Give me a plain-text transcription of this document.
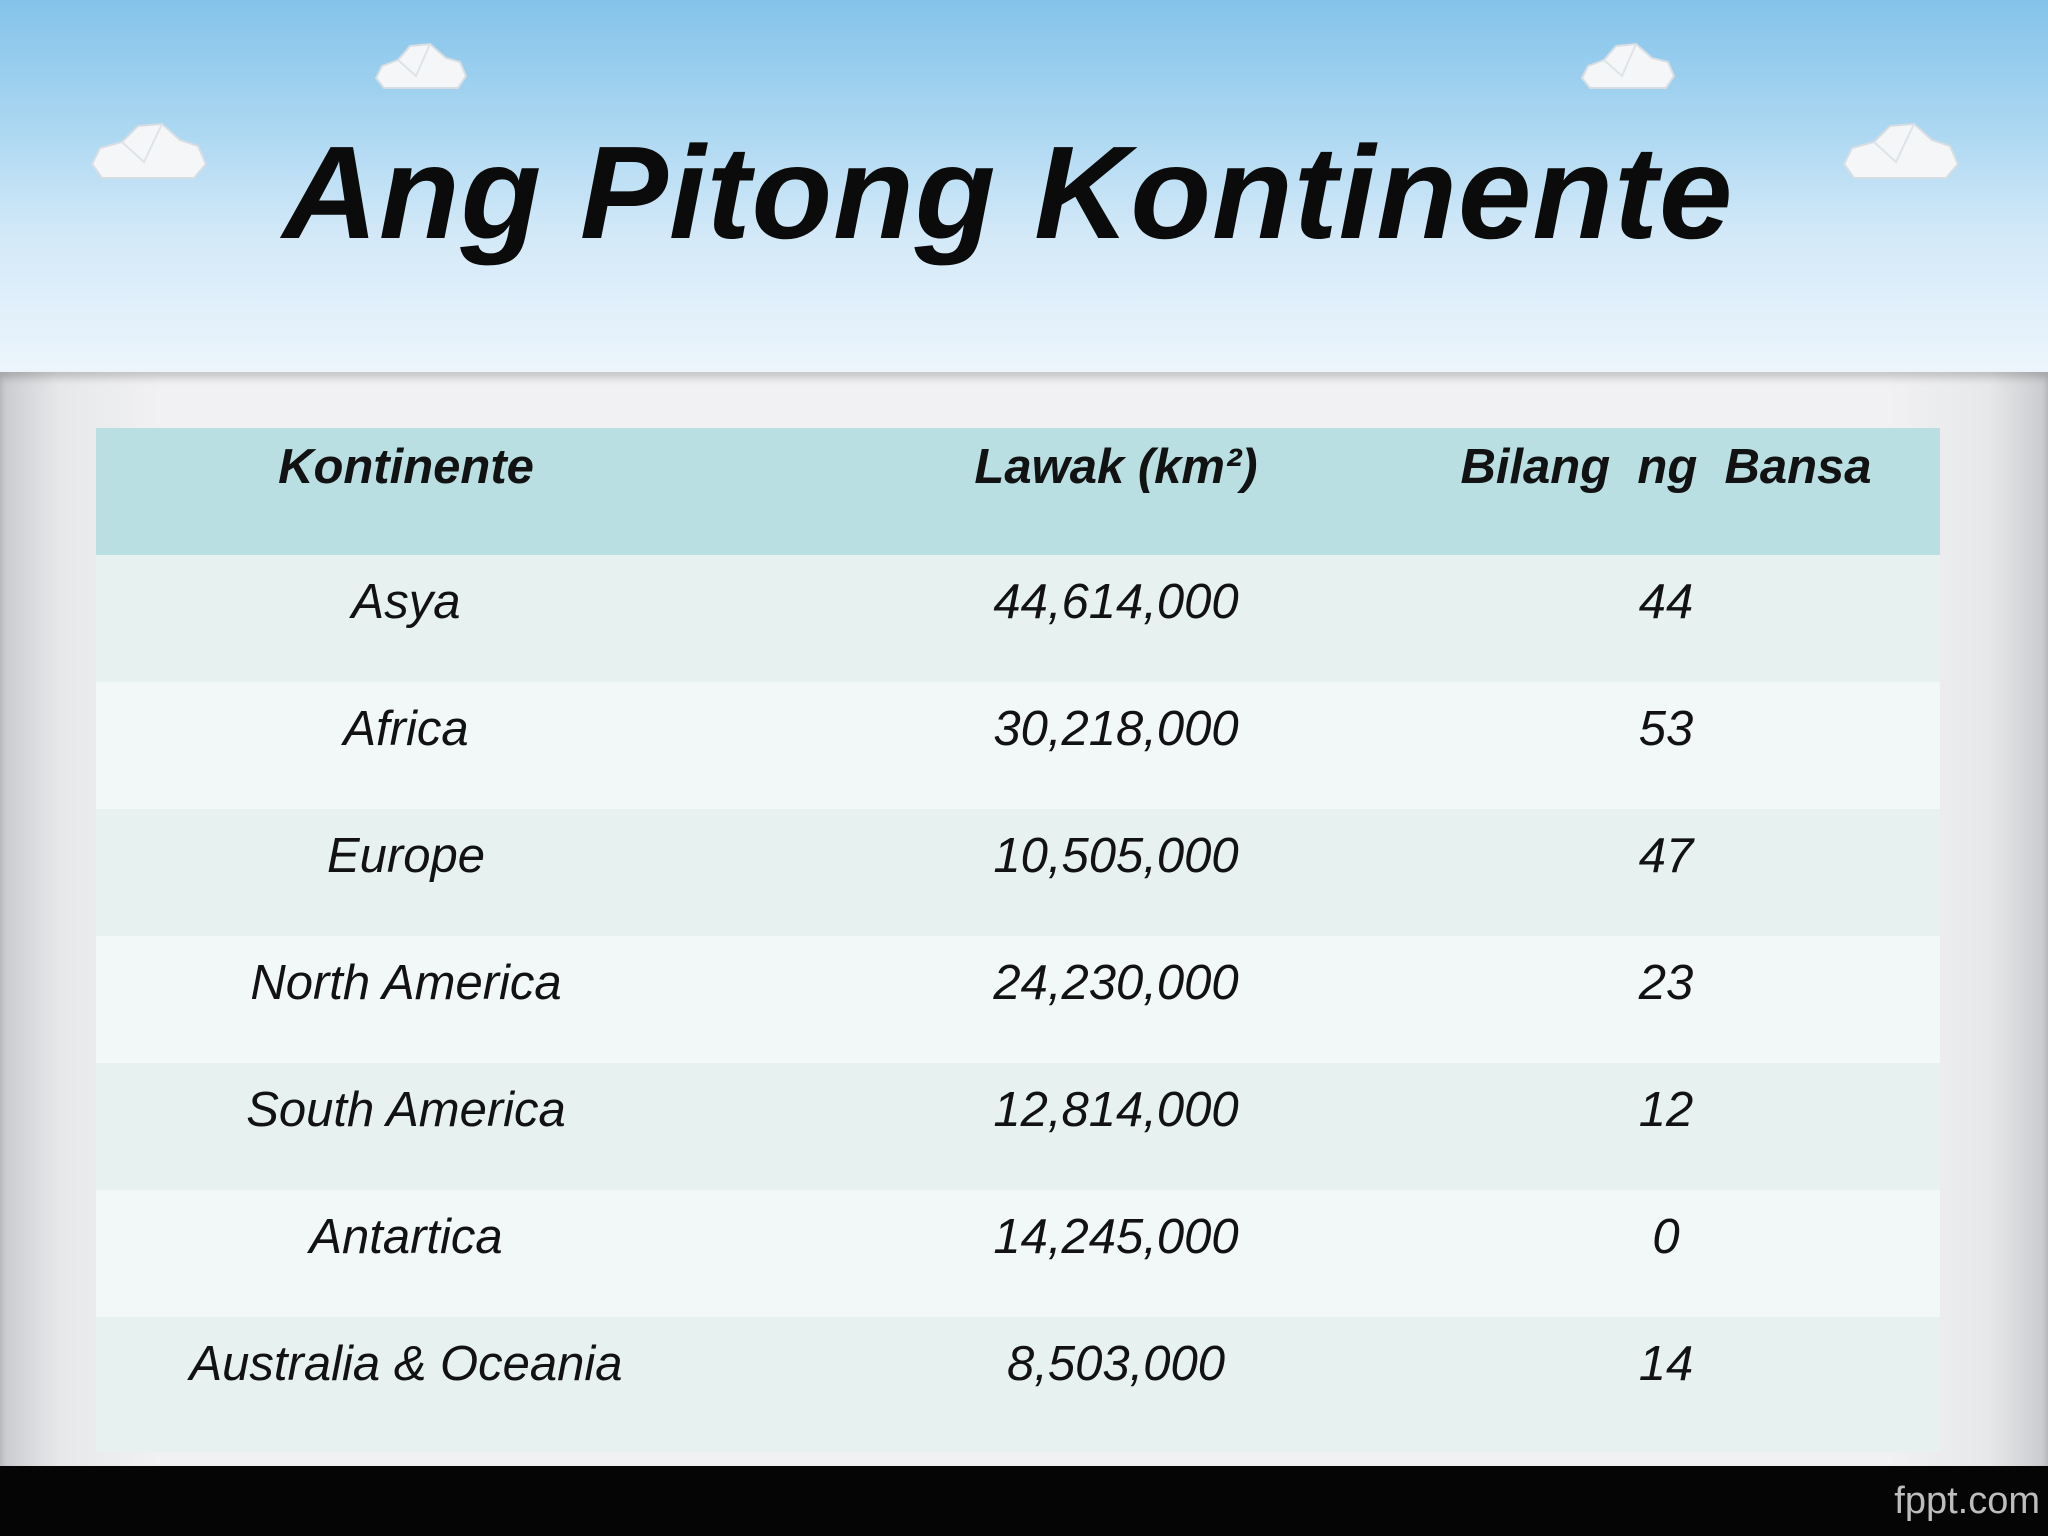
Ang Pitong Kontinente
Kontinente	Lawak (km²)	Bilang  ng  Bansa
Asya	44,614,000	44
Africa	30,218,000	53
Europe	10,505,000	47
North America	24,230,000	23
South America	12,814,000	12
Antartica	14,245,000	0
Australia & Oceania	8,503,000	14
fppt.com
